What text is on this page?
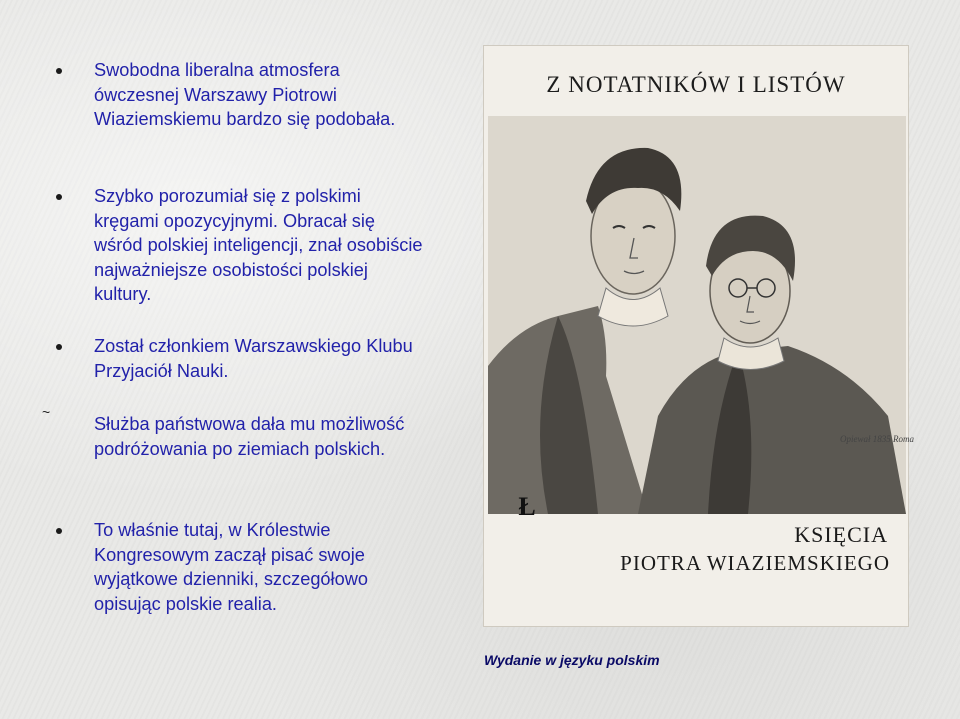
Swobodna liberalna atmosfera ówczesnej Warszawy Piotrowi Wiaziemskiemu bardzo się podobała.
Szybko porozumiał się z polskimi kręgami opozycyjnymi. Obracał się wśród polskiej inteligencji, znał osobiście najważniejsze osobistości polskiej kultury.
Został członkiem Warszawskiego Klubu Przyjaciół Nauki.
~
Służba państwowa dała mu możliwość podróżowania po ziemiach polskich.
To właśnie tutaj, w Królestwie Kongresowym zaczął pisać swoje wyjątkowe dzienniki, szczegółowo opisując polskie realia.
Z NOTATNIKÓW I LISTÓW
Opiewał 1835 Roma
Ł
KSIĘCIA
PIOTRA WIAZIEMSKIEGO
Wydanie w języku polskim
